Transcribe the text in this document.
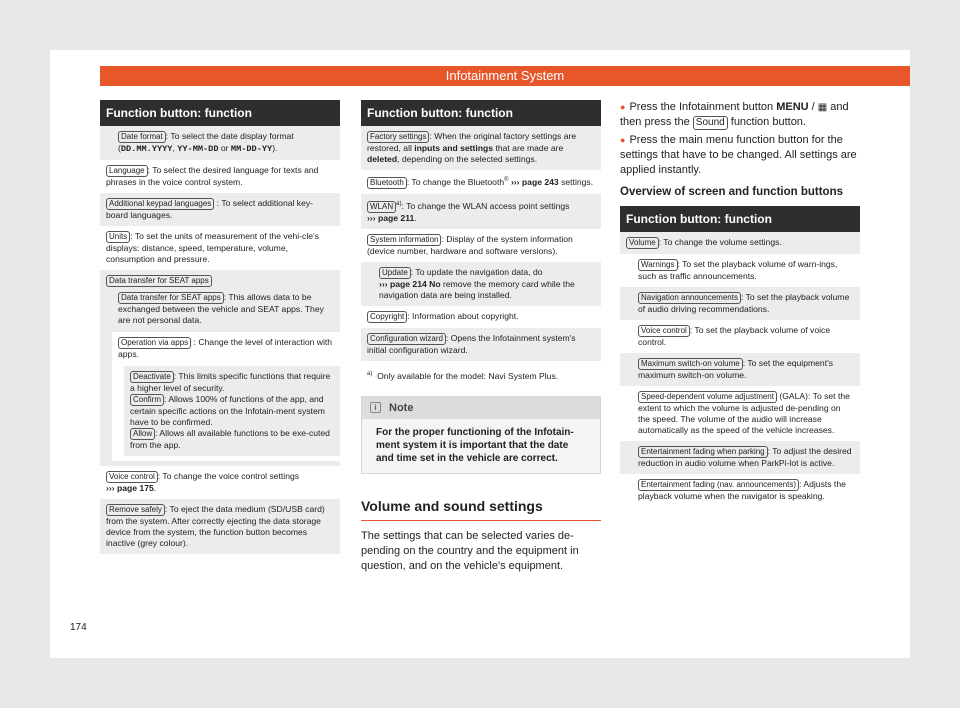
Infotainment System
Function button: function
Date format : To select the date display format (DD.MM.YYYY, YY-MM-DD or MM-DD-YY).
Language : To select the desired language for texts and phrases in the voice control system.
Additional keypad languages : To select additional key-board languages.
Units : To set the units of measurement of the vehi-cle's displays: distance, speed, temperature, volume, consumption and pressure.
Data transfer for SEAT apps
Data transfer for SEAT apps : This allows data to be exchanged between the vehicle and SEAT apps. They are not personal data.
Operation via apps : Change the level of interaction with apps.
Deactivate : This limits specific functions that require a higher level of security.
Confirm : Allows 100% of functions of the app, and certain specific actions on the Infotain-ment system have to be confirmed.
Allow : Allows all available functions to be exe-cuted from the app.
Voice control : To change the voice control settings
››› page 175.
Remove safely : To eject the data medium (SD/USB card) from the system. After correctly ejecting the data storage device from the system, the function button becomes inactive (grey colour).
Function button: function
Factory settings : When the original factory settings are restored, all inputs and settings that are made are deleted, depending on the selected settings.
Bluetooth : To change the Bluetooth® ››› page 243 settings.
WLAN $^{a)}$: To change the WLAN access point settings
››› page 211.
System information : Display of the system information (device number, hardware and software versions).
Update : To update the navigation data, do
››› page 214 No remove the memory card while the navigation data are being installed.
Copyright : Information about copyright.
Configuration wizard : Opens the Infotainment system's initial configuration wizard.
$^{a)}$ Only available for the model: Navi System Plus.
i	Note
For the proper functioning of the Infotain-ment system it is important that the date and time set in the vehicle are correct.
Volume and sound settings
The settings that can be selected varies de-pending on the country and the equipment in question, and on the vehicle's equipment.
● Press the Infotainment button MENU / ▦ and then press the Sound function button.
● Press the main menu function button for the settings that have to be changed. All settings are applied instantly.
Overview of screen and function buttons
Function button: function
Volume : To change the volume settings.
Warnings : To set the playback volume of warn-ings, such as traffic announcements.
Navigation announcements : To set the playback volume of audio driving recommendations.
Voice control : To set the playback volume of voice control.
Maximum switch-on volume : To set the equipment's maximum switch-on volume.
Speed-dependent volume adjustment (GALA): To set the extent to which the volume is adjusted de-pending on the speed. The volume of the audio will increase automatically as the speed of the vehicle increases.
Entertainment fading when parking : To adjust the desired reduction in audio volume when ParkPi-lot is active.
Entertainment fading (nav. announcements) : Adjusts the playback volume when the navigator is speaking.
174
